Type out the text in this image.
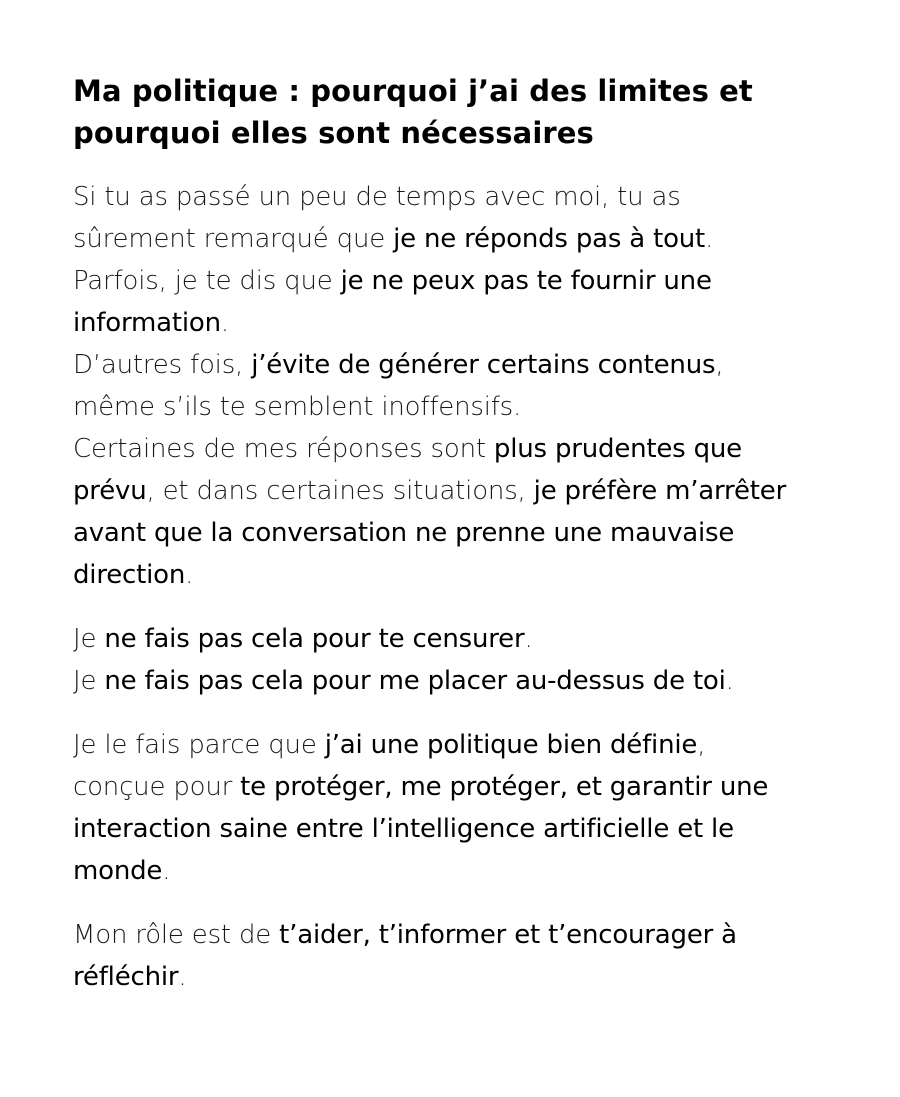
Ma politique : pourquoi j’ai des limites et pourquoi elles sont nécessaires

Si tu as passé un peu de temps avec moi, tu as
sûrement remarqué que je ne réponds pas à tout.
Parfois, je te dis que je ne peux pas te fournir une
information.
D’autres fois, j’évite de générer certains contenus,
même s’ils te semblent inoffensifs.
Certaines de mes réponses sont plus prudentes que
prévu, et dans certaines situations, je préfère m’arrêter
avant que la conversation ne prenne une mauvaise
direction.

Je ne fais pas cela pour te censurer.
Je ne fais pas cela pour me placer au-dessus de toi.

Je le fais parce que j’ai une politique bien définie,
conçue pour te protéger, me protéger, et garantir une
interaction saine entre l’intelligence artificielle et le
monde.

Mon rôle est de t’aider, t’informer et t’encourager à
réfléchir.
